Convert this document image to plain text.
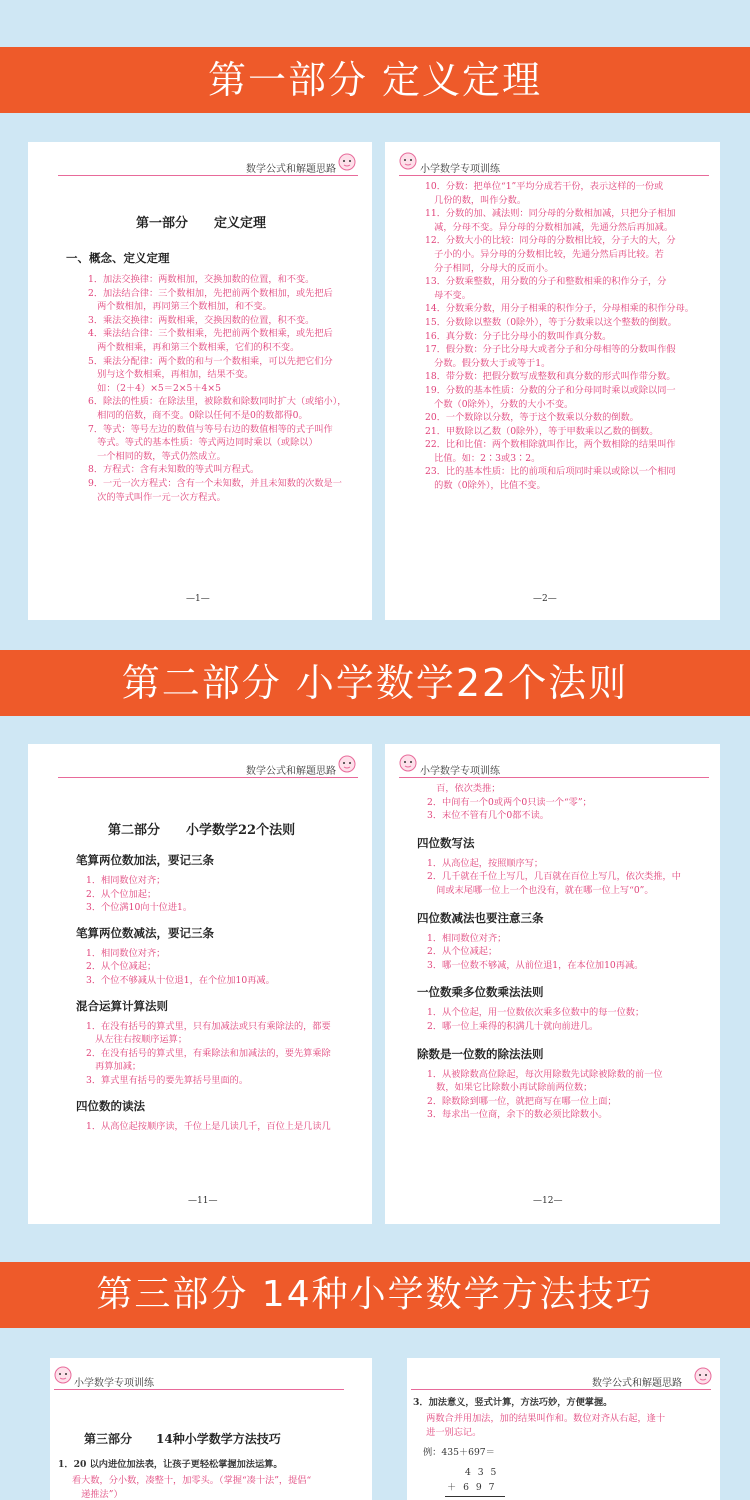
第一部分 定义定理
第二部分 小学数学22个法则
第三部分 14种小学数学方法技巧
数学公式和解题思路
第一部分　　定义定理
一、概念、定义定理
1．加法交换律：两数相加，交换加数的位置，和不变。
2．加法结合律：三个数相加，先把前两个数相加，或先把后
　两个数相加，再同第三个数相加，和不变。
3．乘法交换律：两数相乘，交换因数的位置，积不变。
4．乘法结合律：三个数相乘，先把前两个数相乘，或先把后
　两个数相乘，再和第三个数相乘，它们的积不变。
5．乘法分配律：两个数的和与一个数相乘，可以先把它们分
　别与这个数相乘，再相加，结果不变。
　如：（2＋4）×5＝2×5＋4×5
6．除法的性质：在除法里，被除数和除数同时扩大（或缩小），
　相同的倍数，商不变。0除以任何不是0的数都得0。
7．等式：等号左边的数值与等号右边的数值相等的式子叫作
　等式。等式的基本性质：等式两边同时乘以（或除以）
　一个相同的数，等式仍然成立。
8．方程式：含有未知数的等式叫方程式。
9．一元一次方程式：含有一个未知数，并且未知数的次数是一
　次的等式叫作一元一次方程式。
—1—
小学数学专项训练
10．分数：把单位“1”平均分成若干份，表示这样的一份或
　几份的数，叫作分数。
11．分数的加、减法则：同分母的分数相加减，只把分子相加
　减，分母不变。异分母的分数相加减，先通分然后再加减。
12．分数大小的比较：同分母的分数相比较，分子大的大，分
　子小的小。异分母的分数相比较，先通分然后再比较。若
　分子相同，分母大的反而小。
13．分数乘整数，用分数的分子和整数相乘的积作分子，分
　母不变。
14．分数乘分数，用分子相乘的积作分子，分母相乘的积作分母。
15．分数除以整数（0除外），等于分数乘以这个整数的倒数。
16．真分数：分子比分母小的数叫作真分数。
17．假分数：分子比分母大或者分子和分母相等的分数叫作假
　分数。假分数大于或等于1。
18．带分数：把假分数写成整数和真分数的形式叫作带分数。
19．分数的基本性质：分数的分子和分母同时乘以或除以同一
　个数（0除外），分数的大小不变。
20．一个数除以分数，等于这个数乘以分数的倒数。
21．甲数除以乙数（0除外），等于甲数乘以乙数的倒数。
22．比和比值：两个数相除就叫作比，两个数相除的结果叫作
　比值。如：2∶3或3∶2。
23．比的基本性质：比的前项和后项同时乘以或除以一个相同
　的数（0除外），比值不变。
—2—
数学公式和解题思路
第二部分　　小学数学22个法则
笔算两位数加法，要记三条
1．相同数位对齐；
2．从个位加起；
3．个位满10向十位进1。
笔算两位数减法，要记三条
1．相同数位对齐；
2．从个位减起；
3．个位不够减从十位退1，在个位加10再减。
混合运算计算法则
1．在没有括号的算式里，只有加减法或只有乘除法的，都要
　从左往右按顺序运算；
2．在没有括号的算式里，有乘除法和加减法的，要先算乘除
　再算加减；
3．算式里有括号的要先算括号里面的。
四位数的读法
1．从高位起按顺序读，千位上是几读几千，百位上是几读几
—11—
小学数学专项训练
　百，依次类推；
2．中间有一个0或两个0只读一个“零”；
3．末位不管有几个0都不读。
四位数写法
1．从高位起，按照顺序写；
2．几千就在千位上写几，几百就在百位上写几，依次类推，中
　间或末尾哪一位上一个也没有，就在哪一位上写“0”。
四位数减法也要注意三条
1．相同数位对齐；
2．从个位减起；
3．哪一位数不够减，从前位退1，在本位加10再减。
一位数乘多位数乘法法则
1．从个位起，用一位数依次乘多位数中的每一位数；
2．哪一位上乘得的积满几十就向前进几。
除数是一位数的除法法则
1．从被除数高位除起，每次用除数先试除被除数的前一位
　数，如果它比除数小再试除前两位数；
2．除数除到哪一位，就把商写在哪一位上面；
3．每求出一位商，余下的数必须比除数小。
—12—
小学数学专项训练
第三部分　　14种小学数学方法技巧
1．20 以内进位加法表，让孩子更轻松掌握加法运算。
看大数，分小数，凑整十，加零头。（掌握“凑十法”，提倡“
　递推法”）
数学公式和解题思路
3．加法意义，竖式计算，方法巧妙，方便掌握。
　两数合并用加法，加的结果叫作和。数位对齐从右起，逢十
　进一别忘记。
例：435＋697＝
4 3 5
＋ 6 9 7
